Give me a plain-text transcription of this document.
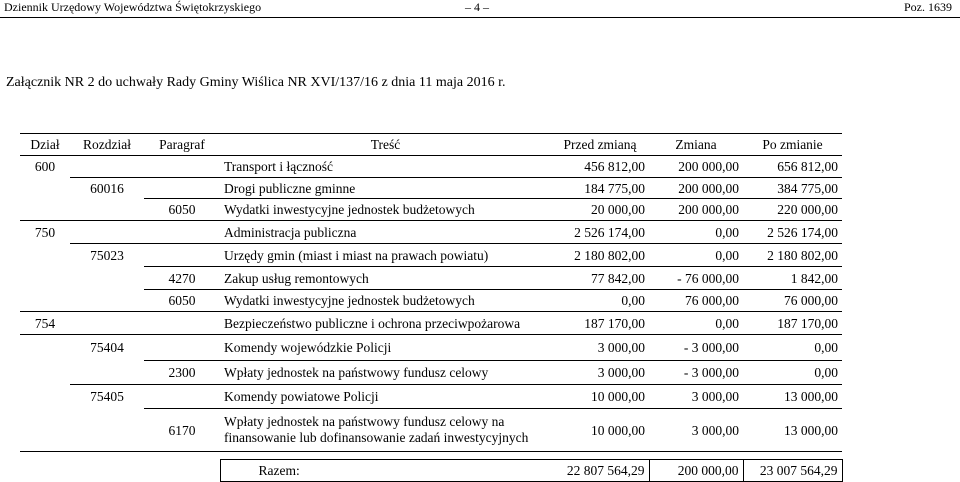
Dziennik Urzędowy Województwa Świętokrzyskiego	– 4 –	Poz. 1639
Załącznik NR 2 do uchwały Rady Gminy Wiślica NR XVI/137/16 z dnia 11 maja 2016 r.
Dział	Rozdział	Paragraf	Treść	Przed zmianą	Zmiana	Po zmianie
600			Transport i łączność	456 812,00	200 000,00	656 812,00
	60016		Drogi publiczne gminne	184 775,00	200 000,00	384 775,00
		6050	Wydatki inwestycyjne jednostek budżetowych	20 000,00	200 000,00	220 000,00
750			Administracja publiczna	2 526 174,00	0,00	2 526 174,00
	75023		Urzędy gmin (miast i miast na prawach powiatu)	2 180 802,00	0,00	2 180 802,00
		4270	Zakup usług remontowych	77 842,00	- 76 000,00	1 842,00
		6050	Wydatki inwestycyjne jednostek budżetowych	0,00	76 000,00	76 000,00
754			Bezpieczeństwo publiczne i ochrona przeciwpożarowa	187 170,00	0,00	187 170,00
	75404		Komendy wojewódzkie Policji	3 000,00	- 3 000,00	0,00
		2300	Wpłaty jednostek na państwowy fundusz celowy	3 000,00	- 3 000,00	0,00
	75405		Komendy powiatowe Policji	10 000,00	3 000,00	13 000,00
		6170	Wpłaty jednostek na państwowy fundusz celowy na finansowanie lub dofinansowanie zadań inwestycyjnych	10 000,00	3 000,00	13 000,00

			Razem:	22 807 564,29	200 000,00	23 007 564,29
